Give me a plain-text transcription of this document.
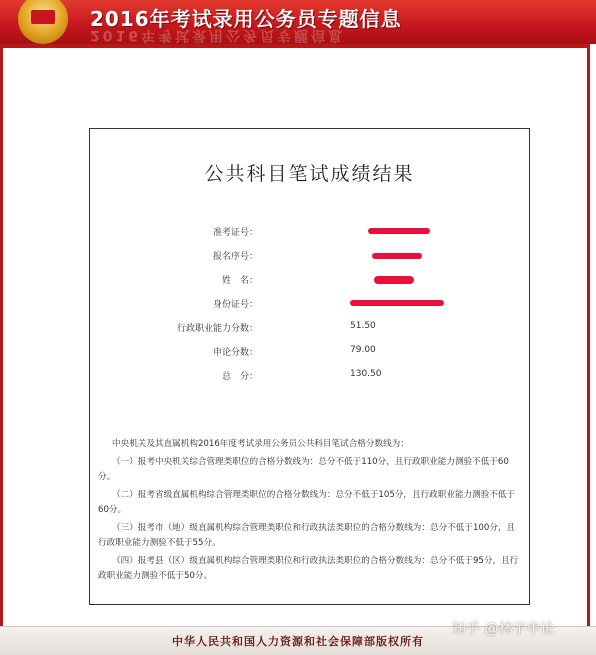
2016年考试录用公务员专题信息
2016年考试录用公务员专题信息
公共科目笔试成绩结果
准考证号：
报名序号：
姓　名：
身份证号：
行政职业能力分数：	51.50
申论分数：	79.00
总　分：	130.50

中央机关及其直属机构2016年度考试录用公务员公共科目笔试合格分数线为：

（一）报考中央机关综合管理类职位的合格分数线为：总分不低于110分，且行政职业能力测验不低于60分。

（二）报考省级直属机构综合管理类职位的合格分数线为：总分不低于105分，且行政职业能力测验不低于60分。

（三）报考市（地）级直属机构综合管理类职位和行政执法类职位的合格分数线为：总分不低于100分，且行政职业能力测验不低于55分。

（四）报考县（区）级直属机构综合管理类职位和行政执法类职位的合格分数线为：总分不低于95分，且行政职业能力测验不低于50分。

中华人民共和国人力资源和社会保障部版权所有
知乎 @林宇申论
